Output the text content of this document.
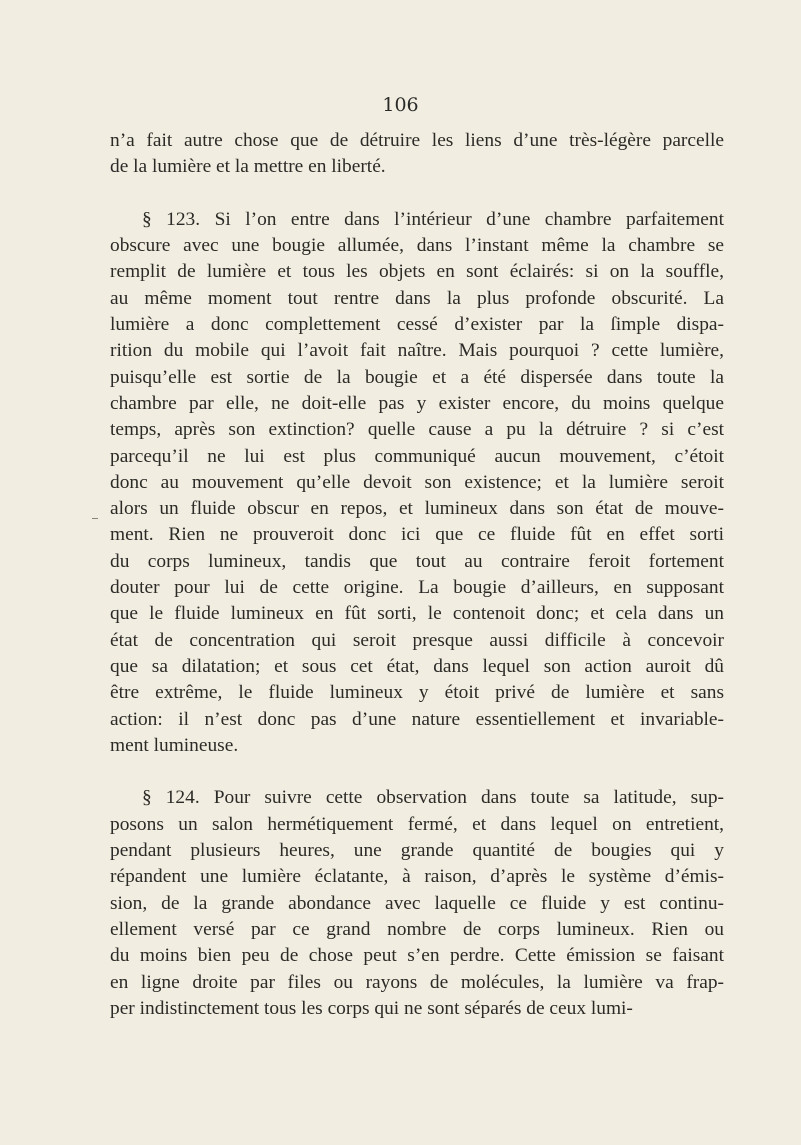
106
n’a fait autre chose que de détruire les liens d’une très-légère parcelle
de la lumière et la mettre en liberté.
§ 123. Si l’on entre dans l’intérieur d’une chambre parfaitement
obscure avec une bougie allumée, dans l’instant même la chambre se
remplit de lumière et tous les objets en sont éclairés: si on la souffle,
au même moment tout rentre dans la plus profonde obscurité. La
lumière a donc complettement cessé d’exister par la ſimple dispa-
rition du mobile qui l’avoit fait naître. Mais pourquoi ? cette lumière,
puisqu’elle est sortie de la bougie et a été dispersée dans toute la
chambre par elle, ne doit-elle pas y exister encore, du moins quelque
temps, après son extinction? quelle cause a pu la détruire ? si c’est
parcequ’il ne lui est plus communiqué aucun mouvement, c’étoit
donc au mouvement qu’elle devoit son existence; et la lumière seroit
alors un fluide obscur en repos, et lumineux dans son état de mouve-
ment. Rien ne prouveroit donc ici que ce fluide fût en effet sorti
du corps lumineux, tandis que tout au contraire feroit fortement
douter pour lui de cette origine. La bougie d’ailleurs, en supposant
que le fluide lumineux en fût sorti, le contenoit donc; et cela dans un
état de concentration qui seroit presque aussi difficile à concevoir
que sa dilatation; et sous cet état, dans lequel son action auroit dû
être extrême, le fluide lumineux y étoit privé de lumière et sans
action: il n’est donc pas d’une nature essentiellement et invariable-
ment lumineuse.
§ 124. Pour suivre cette observation dans toute sa latitude, sup-
posons un salon hermétiquement fermé, et dans lequel on entretient,
pendant plusieurs heures, une grande quantité de bougies qui y
répandent une lumière éclatante, à raison, d’après le système d’émis-
sion, de la grande abondance avec laquelle ce fluide y est continu-
ellement versé par ce grand nombre de corps lumineux. Rien ou
du moins bien peu de chose peut s’en perdre. Cette émission se faisant
en ligne droite par files ou rayons de molécules, la lumière va frap-
per indistinctement tous les corps qui ne sont séparés de ceux lumi-
